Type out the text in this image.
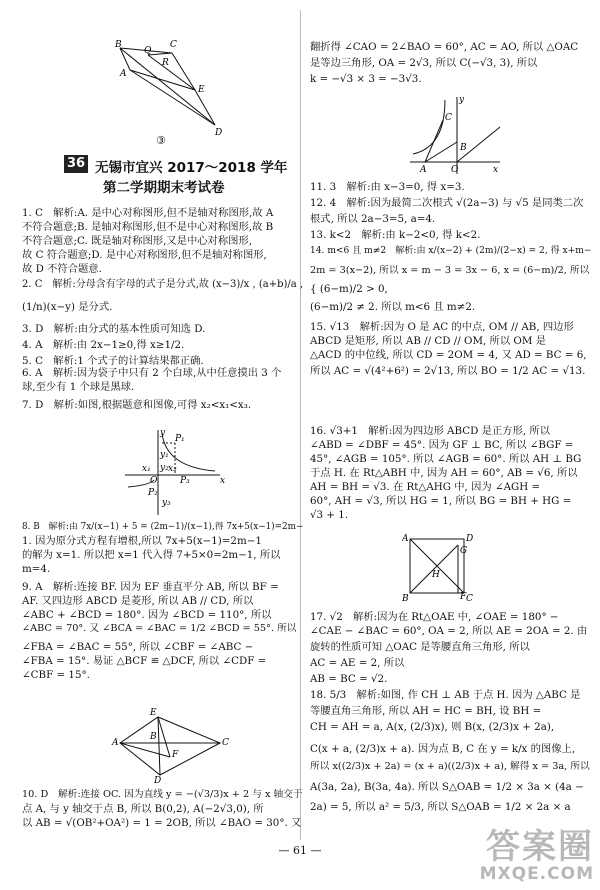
B	C
Q
A
E
D
R
③
36 无锡市宜兴 2017～2018 学年
第二学期期末考试卷
1. C　解析:A. 是中心对称图形,但不是轴对称图形,故 A
不符合题意;B. 是轴对称图形,但不是中心对称图形,故 B
不符合题意;C. 既是轴对称图形,又是中心对称图形,
故 C 符合题意;D. 是中心对称图形,但不是轴对称图形,
故 D 不符合题意.
2. C　解析:分母含有字母的式子是分式,故 (x−3)/x , (a+b)/a ,
(1/n)(x−y) 是分式.
3. D　解析:由分式的基本性质可知选 D.
4. A　解析:由 2x−1≥0,得 x≥1/2.
5. C　解析:1 个式子的计算结果都正确.
6. A　解析:因为袋子中只有 2 个白球,从中任意摸出 3 个
球,至少有 1 个球是黑球.
7. D　解析:如图,根据题意和图像,可得 x₂<x₁<x₃.
8. B　解析:由 7x/(x−1) + 5 = (2m−1)/(x−1),得 7x+5(x−1)=2m−
1. 因为原分式方程有增根,所以 7x+5(x−1)=2m−1
的解为 x=1. 所以把 x=1 代入得 7+5×0=2m−1, 所以
m=4.
9. A　解析:连接 BF. 因为 EF 垂直平分 AB, 所以 BF =
AF. 又四边形 ABCD 是菱形, 所以 AB // CD, 所以
∠ABC + ∠BCD = 180°. 因为 ∠BCD = 110°, 所以
∠ABC = 70°. 又 ∠BCA = ∠BAC = 1/2 ∠BCD = 55°. 所以
∠FBA = ∠BAC = 55°, 所以 ∠CBF = ∠ABC −
∠FBA = 15°. 易证 △BCF ≌ △DCF, 所以 ∠CDF =
∠CBF = 15°.
10. D　解析:连接 OC. 因为直线 y = −(√3/3)x + 2 与 x 轴交于
点 A, 与 y 轴交于点 B, 所以 B(0,2), A(−2√3,0), 所
以 AB = √(OB²+OA²) = 1 = 2OB, 所以 ∠BAO = 30°. 又
y
x
P₁
y₁
y₂
P₃
x₁ x₂
P₂
y₃
O
E
A	C
D
F
B
翻折得 ∠CAO = 2∠BAO = 60°, AC = AO, 所以 △OAC
是等边三角形, OA = 2√3, 所以 C(−√3, 3), 所以
k = −√3 × 3 = −3√3.
11. 3　解析:由 x−3=0, 得 x=3.
12. 4　解析:因为最简二次根式 √(2a−3) 与 √5 是同类二次
根式, 所以 2a−3=5, a=4.
13. k<2　解析:由 k−2<0, 得 k<2.
14. m<6 且 m≠2　解析:由 x/(x−2) + (2m)/(2−x) = 2, 得 x+m−
2m = 3(x−2), 所以 x = m − 3 = 3x − 6, x = (6−m)/2, 所以
{ (6−m)/2 > 0,
(6−m)/2 ≠ 2. 所以 m<6 且 m≠2.
15. √13　解析:因为 O 是 AC 的中点, OM // AB, 四边形
ABCD 是矩形, 所以 AB // CD // OM, 所以 OM 是
△ACD 的中位线, 所以 CD = 2OM = 4, 又 AD = BC = 6,
所以 AC = √(4²+6²) = 2√13, 所以 BO = 1/2 AC = √13.
16. √3+1　解析:因为四边形 ABCD 是正方形, 所以
∠ABD = ∠DBF = 45°. 因为 GF ⊥ BC, 所以 ∠BGF =
45°, ∠AGB = 105°. 所以 ∠AGB = 60°. 所以 AH ⊥ BG
于点 H. 在 Rt△ABH 中, 因为 AH = 60°, AB = √6, 所以
AH = BH = √3. 在 Rt△AHG 中, 因为 ∠AGH =
60°, AH = √3, 所以 HG = 1, 所以 BG = BH + HG =
√3 + 1.
17. √2　解析:因为在 Rt△OAE 中, ∠OAE = 180° −
∠CAE − ∠BAC = 60°, OA = 2, 所以 AE = 2OA = 2. 由
旋转的性质可知 △OAC 是等腰直角三角形, 所以
AC = AE = 2, 所以
AB = BC = √2.
18. 5/3　解析:如图, 作 CH ⊥ AB 于点 H. 因为 △ABC 是
等腰直角三角形, 所以 AH = HC = BH, 设 BH =
CH = AH = a, A(x, (2/3)x), 则 B(x, (2/3)x + 2a),
C(x + a, (2/3)x + a). 因为点 B, C 在 y = k/x 的图像上,
所以 x((2/3)x + 2a) = (x + a)((2/3)x + a), 解得 x = 3a, 所以
A(3a, 2a), B(3a, 4a). 所以 S△OAB = 1/2 × 3a × (4a −
2a) = 5, 所以 a² = 5/3, 所以 S△OAB = 1/2 × 2a × a
y
x
C
B
A	O
A	D
G
C
B	F
H
— 61 —	答案圈
MXQE.COM
